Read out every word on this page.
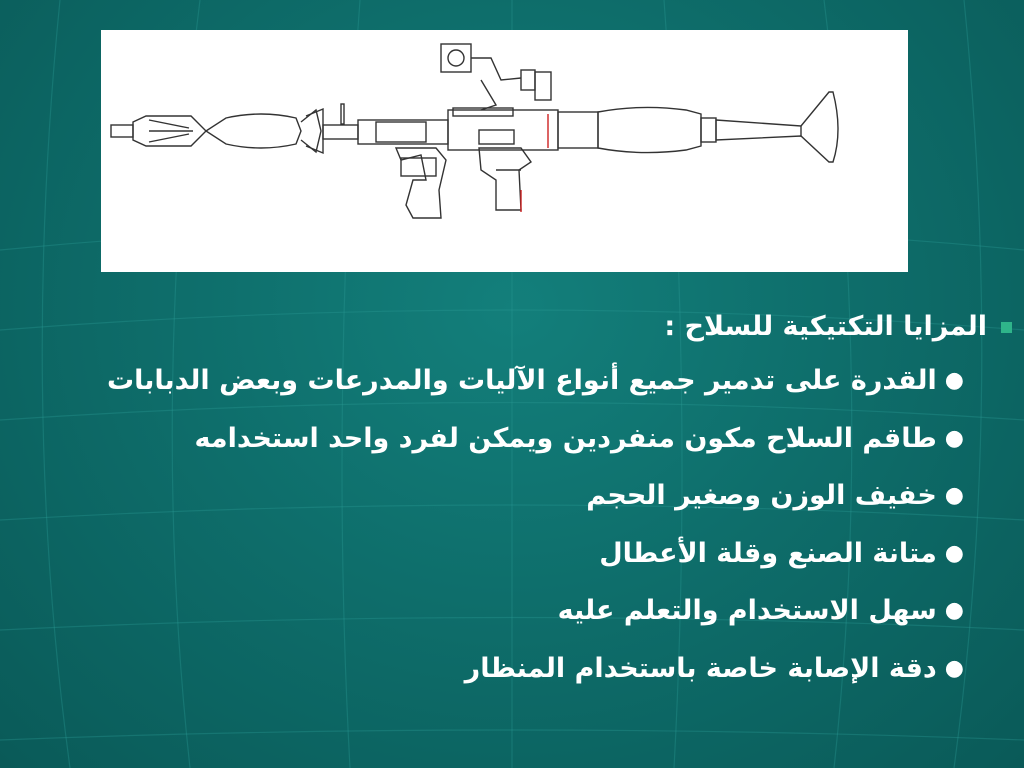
المزايا التكتيكية للسلاح :
●
القدرة على تدمير جميع أنواع الآليات والمدرعات وبعض الدبابات
●
طاقم السلاح مكون منفردين ويمكن لفرد واحد استخدامه
●
خفيف الوزن وصغير الحجم
●
متانة الصنع وقلة الأعطال
●
سهل الاستخدام والتعلم عليه
●
دقة الإصابة خاصة باستخدام المنظار
